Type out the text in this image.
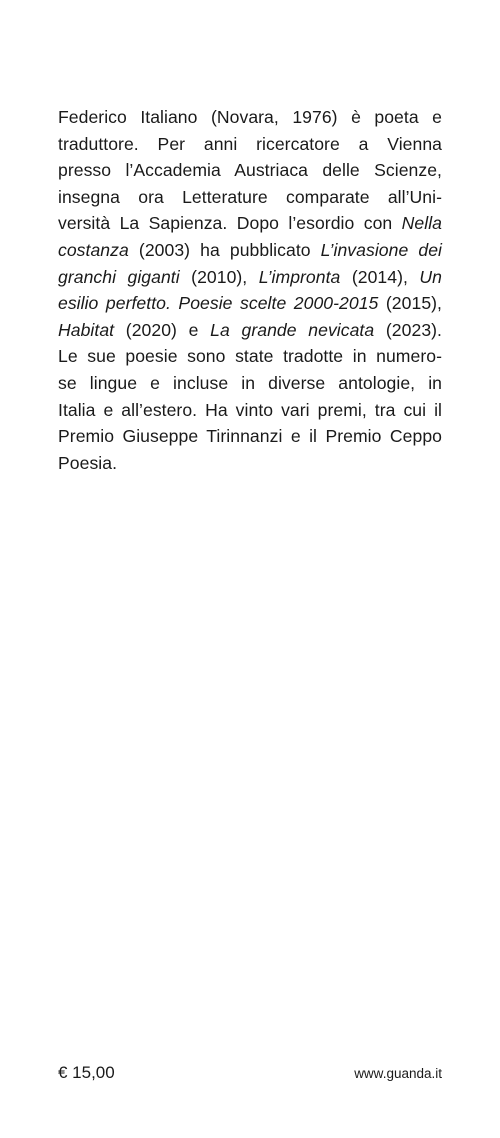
Federico Italiano (Novara, 1976) è poeta e
traduttore. Per anni ricercatore a Vienna
presso l’Accademia Austriaca delle Scienze,
insegna ora Letterature comparate all’Uni-
versità La Sapienza. Dopo l’esordio con Nella
costanza (2003) ha pubblicato L’invasione dei
granchi giganti (2010), L’impronta (2014), Un
esilio perfetto. Poesie scelte 2000-2015 (2015),
Habitat (2020) e La grande nevicata (2023).
Le sue poesie sono state tradotte in numero-
se lingue e incluse in diverse antologie, in
Italia e all’estero. Ha vinto vari premi, tra cui il
Premio Giuseppe Tirinnanzi e il Premio Ceppo
Poesia.

€ 15,00	www.guanda.it
